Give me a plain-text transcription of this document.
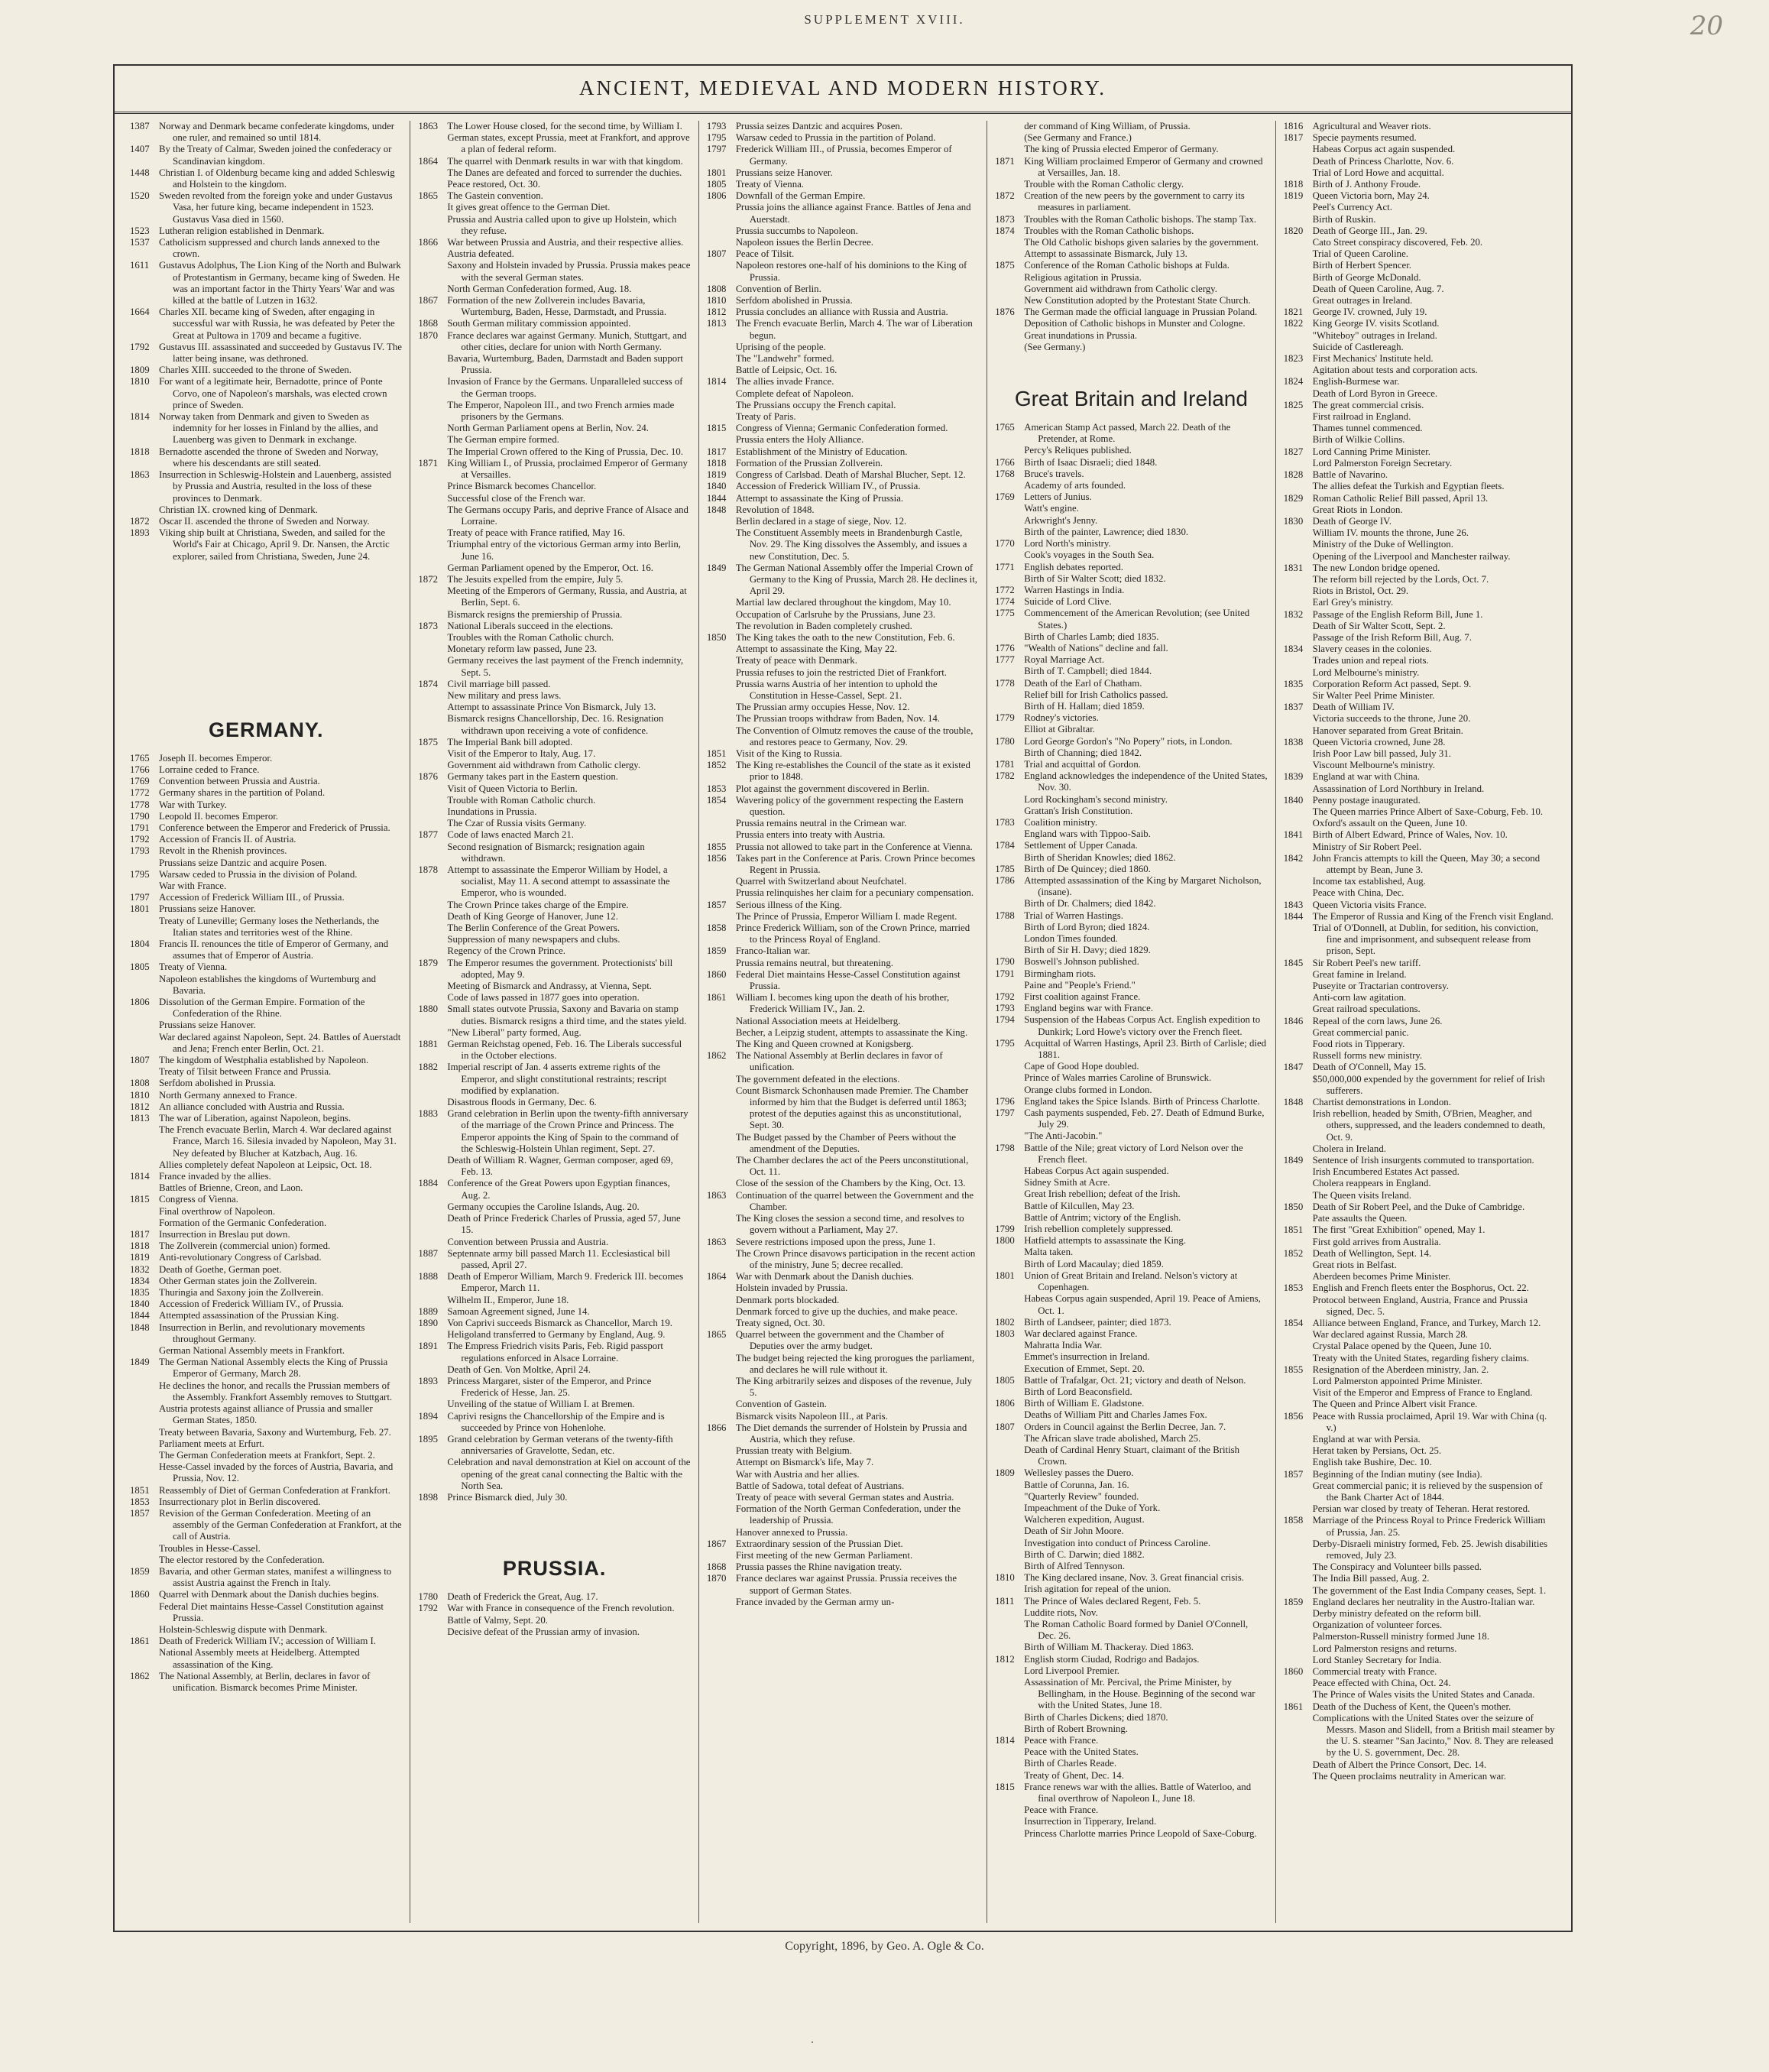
SUPPLEMENT XVIII.	20
ANCIENT, MEDIEVAL AND MODERN HISTORY.
1387 Norway and Denmark became confederate kingdoms, under one ruler, and remained so until 1814.
1407 By the Treaty of Calmar, Sweden joined the confederacy or Scandinavian kingdom.
1448 Christian I. of Oldenburg became king and added Schleswig and Holstein to the kingdom.
1520 Sweden revolted from the foreign yoke and under Gustavus Vasa, her future king, became independent in 1523. Gustavus Vasa died in 1560.
1523 Lutheran religion established in Denmark.
1537 Catholicism suppressed and church lands annexed to the crown.
1611	Gustavus Adolphus, The Lion King of the North and Bulwark of Protestantism in Germany, became king of Sweden. He was an important factor in the Thirty Years' War and was killed at the battle of Lutzen in 1632.
1664 Charles XII. became king of Sweden, after engaging in successful war with Russia, he was defeated by Peter the Great at Pultowa in 1709 and became a fugitive.
1792 Gustavus III. assassinated and succeeded by Gustavus IV. The latter being insane, was dethroned.
1809 Charles XIII. succeeded to the throne of Sweden.
1810 For want of a legitimate heir, Bernadotte, prince of Ponte Corvo, one of Napoleon's marshals, was elected crown prince of Sweden.
1814 Norway taken from Denmark and given to Sweden as indemnity for her losses in Finland by the allies, and Lauenberg was given to Denmark in exchange.
1818 Bernadotte ascended the throne of Sweden and Norway, where his descendants are still seated.
1863 Insurrection in Schleswig-Holstein and Lauenberg, assisted by Prussia and Austria, resulted in the loss of these provinces to Denmark.
Christian IX. crowned king of Denmark.
1872 Oscar II. ascended the throne of Sweden and Norway.
1893 Viking ship built at Christiana, Sweden, and sailed for the World's Fair at Chicago, April 9. Dr. Nansen, the Arctic explorer, sailed from Christiana, Sweden, June 24.
GERMANY.
1765 Joseph II. becomes Emperor.
1766 Lorraine ceded to France.
1769 Convention between Prussia and Austria.
1772 Germany shares in the partition of Poland.
1778 War with Turkey.
1790 Leopold II. becomes Emperor.
1791 Conference between the Emperor and Frederick of Prussia.
1792 Accession of Francis II. of Austria.
1793 Revolt in the Rhenish provinces.
Prussians seize Dantzic and acquire Posen.
1795 Warsaw ceded to Prussia in the division of Poland.
War with France.
1797 Accession of Frederick William III., of Prussia.
1801 Prussians seize Hanover.
Treaty of Luneville; Germany loses the Netherlands, the Italian states and territories west of the Rhine.
1804 Francis II. renounces the title of Emperor of Germany, and assumes that of Emperor of Austria.
1805 Treaty of Vienna.
Napoleon establishes the kingdoms of Wurtemburg and Bavaria.
1806 Dissolution of the German Empire. Formation of the Confederation of the Rhine.
Prussians seize Hanover.
War declared against Napoleon, Sept. 24. Battles of Auerstadt and Jena; French enter Berlin, Oct. 21.
1807 The kingdom of Westphalia established by Napoleon.
Treaty of Tilsit between France and Prussia.
1808 Serfdom abolished in Prussia.
1810 North Germany annexed to France.
1812 An alliance concluded with Austria and Russia.
1813 The war of Liberation, against Napoleon, begins.
The French evacuate Berlin, March 4. War declared against France, March 16. Silesia invaded by Napoleon, May 31. Ney defeated by Blucher at Katzbach, Aug. 16.
Allies completely defeat Napoleon at Leipsic, Oct. 18.
1814 France invaded by the allies.
Battles of Brienne, Creon, and Laon.
1815 Congress of Vienna.
Final overthrow of Napoleon.
Formation of the Germanic Confederation.
1817 Insurrection in Breslau put down.
1818 The Zollverein (commercial union) formed.
1819 Anti-revolutionary Congress of Carlsbad.
1832 Death of Goethe, German poet.
1834 Other German states join the Zollverein.
1835 Thuringia and Saxony join the Zollverein.
1840 Accession of Frederick William IV., of Prussia.
1844 Attempted assassination of the Prussian King.
1848 Insurrection in Berlin, and revolutionary movements throughout Germany.
German National Assembly meets in Frankfort.
1849 The German National Assembly elects the King of Prussia Emperor of Germany, March 28.
He declines the honor, and recalls the Prussian members of the Assembly. Frankfort Assembly removes to Stuttgart.
Austria protests against alliance of Prussia and smaller German States, 1850.
Treaty between Bavaria, Saxony and Wurtemburg, Feb. 27.
Parliament meets at Erfurt.
The German Confederation meets at Frankfort, Sept. 2.
Hesse-Cassel invaded by the forces of Austria, Bavaria, and Prussia, Nov. 12.
1851 Reassembly of Diet of German Confederation at Frankfort.
1853 Insurrectionary plot in Berlin discovered.
1857 Revision of the German Confederation. Meeting of an assembly of the German Confederation at Frankfort, at the call of Austria.
Troubles in Hesse-Cassel.
The elector restored by the Confederation.
1859 Bavaria, and other German states, manifest a willingness to assist Austria against the French in Italy.
1860 Quarrel with Denmark about the Danish duchies begins.
Federal Diet maintains Hesse-Cassel Constitution against Prussia.
Holstein-Schleswig dispute with Denmark.
1861 Death of Frederick William IV.; accession of William I.
National Assembly meets at Heidelberg. Attempted assassination of the King.
1862 The National Assembly, at Berlin, declares in favor of unification. Bismarck becomes Prime Minister.
1863 The Lower House closed, for the second time, by William I.
German states, except Prussia, meet at Frankfort, and approve a plan of federal reform.
1864 The quarrel with Denmark results in war with that kingdom.
The Danes are defeated and forced to surrender the duchies.
Peace restored, Oct. 30.
1865 The Gastein convention.
It gives great offence to the German Diet.
Prussia and Austria called upon to give up Holstein, which they refuse.
1866 War between Prussia and Austria, and their respective allies.
Austria defeated.
Saxony and Holstein invaded by Prussia. Prussia makes peace with the several German states.
North German Confederation formed, Aug. 18.
1867 Formation of the new Zollverein includes Bavaria, Wurtemburg, Baden, Hesse, Darmstadt, and Prussia.
1868 South German military commission appointed.
1870 France declares war against Germany. Munich, Stuttgart, and other cities, declare for union with North Germany.
Bavaria, Wurtemburg, Baden, Darmstadt and Baden support Prussia.
Invasion of France by the Germans. Unparalleled success of the German troops.
The Emperor, Napoleon III., and two French armies made prisoners by the Germans.
North German Parliament opens at Berlin, Nov. 24.
The German empire formed.
The Imperial Crown offered to the King of Prussia, Dec. 10.
1871 King William I., of Prussia, proclaimed Emperor of Germany at Versailles.
Prince Bismarck becomes Chancellor.
Successful close of the French war.
The Germans occupy Paris, and deprive France of Alsace and Lorraine.
Treaty of peace with France ratified, May 16.
Triumphal entry of the victorious German army into Berlin, June 16.
German Parliament opened by the Emperor, Oct. 16.
1872 The Jesuits expelled from the empire, July 5.
Meeting of the Emperors of Germany, Russia, and Austria, at Berlin, Sept. 6.
Bismarck resigns the premiership of Prussia.
1873 National Liberals succeed in the elections.
Troubles with the Roman Catholic church.
Monetary reform law passed, June 23.
Germany receives the last payment of the French indemnity, Sept. 5.
1874 Civil marriage bill passed.
New military and press laws.
Attempt to assassinate Prince Von Bismarck, July 13.
Bismarck resigns Chancellorship, Dec. 16. Resignation withdrawn upon receiving a vote of confidence.
1875 The Imperial Bank bill adopted.
Visit of the Emperor to Italy, Aug. 17.
Government aid withdrawn from Catholic clergy.
1876 Germany takes part in the Eastern question.
Visit of Queen Victoria to Berlin.
Trouble with Roman Catholic church.
Inundations in Prussia.
The Czar of Russia visits Germany.
1877 Code of laws enacted March 21.
Second resignation of Bismarck; resignation again withdrawn.
1878 Attempt to assassinate the Emperor William by Hodel, a socialist, May 11. A second attempt to assassinate the Emperor, who is wounded.
The Crown Prince takes charge of the Empire.
Death of King George of Hanover, June 12.
The Berlin Conference of the Great Powers.
Suppression of many newspapers and clubs.
Regency of the Crown Prince.
1879 The Emperor resumes the government. Protectionists' bill adopted, May 9.
Meeting of Bismarck and Andrassy, at Vienna, Sept.
Code of laws passed in 1877 goes into operation.
1880 Small states outvote Prussia, Saxony and Bavaria on stamp duties. Bismarck resigns a third time, and the states yield.
"New Liberal" party formed, Aug.
1881 German Reichstag opened, Feb. 16. The Liberals successful in the October elections.
1882 Imperial rescript of Jan. 4 asserts extreme rights of the Emperor, and slight constitutional restraints; rescript modified by explanation.
Disastrous floods in Germany, Dec. 6.
1883 Grand celebration in Berlin upon the twenty-fifth anniversary of the marriage of the Crown Prince and Princess. The Emperor appoints the King of Spain to the command of the Schleswig-Holstein Uhlan regiment, Sept. 27.
Death of William R. Wagner, German composer, aged 69, Feb. 13.
1884 Conference of the Great Powers upon Egyptian finances, Aug. 2.
Germany occupies the Caroline Islands, Aug. 20.
Death of Prince Frederick Charles of Prussia, aged 57, June 15.
Convention between Prussia and Austria.
1887 Septennate army bill passed March 11. Ecclesiastical bill passed, April 27.
1888 Death of Emperor William, March 9. Frederick III. becomes Emperor, March 11.
Wilhelm II., Emperor, June 18.
1889 Samoan Agreement signed, June 14.
1890 Von Caprivi succeeds Bismarck as Chancellor, March 19.
Heligoland transferred to Germany by England, Aug. 9.
1891 The Empress Friedrich visits Paris, Feb. Rigid passport regulations enforced in Alsace Lorraine.
Death of Gen. Von Moltke, April 24.
1893 Princess Margaret, sister of the Emperor, and Prince Frederick of Hesse, Jan. 25.
Unveiling of the statue of William I. at Bremen.
1894 Caprivi resigns the Chancellorship of the Empire and is succeeded by Prince von Hohenlohe.
1895 Grand celebration by German veterans of the twenty-fifth anniversaries of Gravelotte, Sedan, etc.
Celebration and naval demonstration at Kiel on account of the opening of the great canal connecting the Baltic with the North Sea.
1898 Prince Bismarck died, July 30.
PRUSSIA.
1780 Death of Frederick the Great, Aug. 17.
1792 War with France in consequence of the French revolution.
Battle of Valmy, Sept. 20.
Decisive defeat of the Prussian army of invasion.
1793 Prussia seizes Dantzic and acquires Posen.
1795 Warsaw ceded to Prussia in the partition of Poland.
1797 Frederick William III., of Prussia, becomes Emperor of Germany.
1801 Prussians seize Hanover.
1805 Treaty of Vienna.
1806 Downfall of the German Empire.
Prussia joins the alliance against France. Battles of Jena and Auerstadt.
Prussia succumbs to Napoleon.
Napoleon issues the Berlin Decree.
1807 Peace of Tilsit.
Napoleon restores one-half of his dominions to the King of Prussia.
1808 Convention of Berlin.
1810 Serfdom abolished in Prussia.
1812 Prussia concludes an alliance with Russia and Austria.
1813 The French evacuate Berlin, March 4. The war of Liberation begun.
Uprising of the people.
The "Landwehr" formed.
Battle of Leipsic, Oct. 16.
1814 The allies invade France.
Complete defeat of Napoleon.
The Prussians occupy the French capital.
Treaty of Paris.
1815 Congress of Vienna; Germanic Confederation formed.
Prussia enters the Holy Alliance.
1817 Establishment of the Ministry of Education.
1818 Formation of the Prussian Zollverein.
1819 Congress of Carlsbad. Death of Marshal Blucher, Sept. 12.
1840 Accession of Frederick William IV., of Prussia.
1844 Attempt to assassinate the King of Prussia.
1848 Revolution of 1848.
Berlin declared in a stage of siege, Nov. 12.
The Constituent Assembly meets in Brandenburgh Castle, Nov. 29. The King dissolves the Assembly, and issues a new Constitution, Dec. 5.
1849 The German National Assembly offer the Imperial Crown of Germany to the King of Prussia, March 28. He declines it, April 29.
Martial law declared throughout the kingdom, May 10.
Occupation of Carlsruhe by the Prussians, June 23.
The revolution in Baden completely crushed.
1850 The King takes the oath to the new Constitution, Feb. 6.
Attempt to assassinate the King, May 22.
Treaty of peace with Denmark.
Prussia refuses to join the restricted Diet of Frankfort.
Prussia warns Austria of her intention to uphold the Constitution in Hesse-Cassel, Sept. 21.
The Prussian army occupies Hesse, Nov. 12.
The Prussian troops withdraw from Baden, Nov. 14.
The Convention of Olmutz removes the cause of the trouble, and restores peace to Germany, Nov. 29.
1851 Visit of the King to Russia.
1852 The King re-establishes the Council of the state as it existed prior to 1848.
1853 Plot against the government discovered in Berlin.
1854 Wavering policy of the government respecting the Eastern question.
Prussia remains neutral in the Crimean war.
Prussia enters into treaty with Austria.
1855 Prussia not allowed to take part in the Conference at Vienna.
1856 Takes part in the Conference at Paris. Crown Prince becomes Regent in Prussia.
Quarrel with Switzerland about Neufchatel.
Prussia relinquishes her claim for a pecuniary compensation.
1857 Serious illness of the King.
The Prince of Prussia, Emperor William I. made Regent.
1858 Prince Frederick William, son of the Crown Prince, married to the Princess Royal of England.
1859 Franco-Italian war.
Prussia remains neutral, but threatening.
1860 Federal Diet maintains Hesse-Cassel Constitution against Prussia.
1861 William I. becomes king upon the death of his brother, Frederick William IV., Jan. 2.
National Association meets at Heidelberg.
Becher, a Leipzig student, attempts to assassinate the King.
The King and Queen crowned at Konigsberg.
1862 The National Assembly at Berlin declares in favor of unification.
The government defeated in the elections.
Count Bismarck Schonhausen made Premier. The Chamber informed by him that the Budget is deferred until 1863; protest of the deputies against this as unconstitutional, Sept. 30.
The Budget passed by the Chamber of Peers without the amendment of the Deputies.
The Chamber declares the act of the Peers unconstitutional, Oct. 11.
Close of the session of the Chambers by the King, Oct. 13.
1863 Continuation of the quarrel between the Government and the Chamber.
The King closes the session a second time, and resolves to govern without a Parliament, May 27.
1863 Severe restrictions imposed upon the press, June 1.
The Crown Prince disavows participation in the recent action of the ministry, June 5; decree recalled.
1864 War with Denmark about the Danish duchies.
Holstein invaded by Prussia.
Denmark ports blockaded.
Denmark forced to give up the duchies, and make peace.
Treaty signed, Oct. 30.
1865 Quarrel between the government and the Chamber of Deputies over the army budget.
The budget being rejected the king prorogues the parliament, and declares he will rule without it.
The King arbitrarily seizes and disposes of the revenue, July 5.
Convention of Gastein.
Bismarck visits Napoleon III., at Paris.
1866 The Diet demands the surrender of Holstein by Prussia and Austria, which they refuse.
Prussian treaty with Belgium.
Attempt on Bismarck's life, May 7.
War with Austria and her allies.
Battle of Sadowa, total defeat of Austrians.
Treaty of peace with several German states and Austria.
Formation of the North German Confederation, under the leadership of Prussia.
Hanover annexed to Prussia.
1867 Extraordinary session of the Prussian Diet.
First meeting of the new German Parliament.
1868 Prussia passes the Rhine navigation treaty.
1870 France declares war against Prussia. Prussia receives the support of German States.
France invaded by the German army un-
der command of King William, of Prussia.
(See Germany and France.)
The king of Prussia elected Emperor of Germany.
1871 King William proclaimed Emperor of Germany and crowned at Versailles, Jan. 18.
Trouble with the Roman Catholic clergy.
1872 Creation of the new peers by the government to carry its measures in parliament.
1873 Troubles with the Roman Catholic bishops. The stamp Tax.
1874 Troubles with the Roman Catholic bishops.
The Old Catholic bishops given salaries by the government.
Attempt to assassinate Bismarck, July 13.
1875 Conference of the Roman Catholic bishops at Fulda.
Religious agitation in Prussia.
Government aid withdrawn from Catholic clergy.
New Constitution adopted by the Protestant State Church.
1876 The German made the official language in Prussian Poland.
Deposition of Catholic bishops in Munster and Cologne.
Great inundations in Prussia.
(See Germany.)
Great Britain and Ireland
1765 American Stamp Act passed, March 22. Death of the Pretender, at Rome.
Percy's Reliques published.
1766 Birth of Isaac Disraeli; died 1848.
1768 Bruce's travels.
Academy of arts founded.
1769 Letters of Junius.
Watt's engine.
Arkwright's Jenny.
Birth of the painter, Lawrence; died 1830.
1770 Lord North's ministry.
Cook's voyages in the South Sea.
1771 English debates reported.
Birth of Sir Walter Scott; died 1832.
1772 Warren Hastings in India.
1774 Suicide of Lord Clive.
1775 Commencement of the American Revolution; (see United States.)
Birth of Charles Lamb; died 1835.
1776 "Wealth of Nations" decline and fall.
1777 Royal Marriage Act.
Birth of T. Campbell; died 1844.
1778 Death of the Earl of Chatham.
Relief bill for Irish Catholics passed.
Birth of H. Hallam; died 1859.
1779 Rodney's victories.
Elliot at Gibraltar.
1780 Lord George Gordon's "No Popery" riots, in London.
Birth of Channing; died 1842.
1781 Trial and acquittal of Gordon.
1782 England acknowledges the independence of the United States, Nov. 30.
Lord Rockingham's second ministry.
Grattan's Irish Constitution.
1783 Coalition ministry.
England wars with Tippoo-Saib.
1784 Settlement of Upper Canada.
Birth of Sheridan Knowles; died 1862.
1785 Birth of De Quincey; died 1860.
1786 Attempted assassination of the King by Margaret Nicholson, (insane).
Birth of Dr. Chalmers; died 1842.
1788 Trial of Warren Hastings.
Birth of Lord Byron; died 1824.
London Times founded.
Birth of Sir H. Davy; died 1829.
1790 Boswell's Johnson published.
1791 Birmingham riots.
Paine and "People's Friend."
1792 First coalition against France.
1793 England begins war with France.
1794 Suspension of the Habeas Corpus Act. English expedition to Dunkirk; Lord Howe's victory over the French fleet.
1795 Acquittal of Warren Hastings, April 23. Birth of Carlisle; died 1881.
Cape of Good Hope doubled.
Prince of Wales marries Caroline of Brunswick.
Orange clubs formed in London.
1796 England takes the Spice Islands. Birth of Princess Charlotte.
1797 Cash payments suspended, Feb. 27. Death of Edmund Burke, July 29.
"The Anti-Jacobin."
1798 Battle of the Nile; great victory of Lord Nelson over the French fleet.
Habeas Corpus Act again suspended.
Sidney Smith at Acre.
Great Irish rebellion; defeat of the Irish.
Battle of Kilcullen, May 23.
Battle of Antrim; victory of the English.
1799 Irish rebellion completely suppressed.
1800 Hatfield attempts to assassinate the King.
Malta taken.
Birth of Lord Macaulay; died 1859.
1801 Union of Great Britain and Ireland. Nelson's victory at Copenhagen.
Habeas Corpus again suspended, April 19. Peace of Amiens, Oct. 1.
1802 Birth of Landseer, painter; died 1873.
1803 War declared against France.
Mahratta India War.
Emmet's insurrection in Ireland.
Execution of Emmet, Sept. 20.
1805 Battle of Trafalgar, Oct. 21; victory and death of Nelson.
Birth of Lord Beaconsfield.
1806 Birth of William E. Gladstone.
Deaths of William Pitt and Charles James Fox.
1807 Orders in Council against the Berlin Decree, Jan. 7.
The African slave trade abolished, March 25.
Death of Cardinal Henry Stuart, claimant of the British Crown.
1809 Wellesley passes the Duero.
Battle of Corunna, Jan. 16.
"Quarterly Review" founded.
Impeachment of the Duke of York.
Walcheren expedition, August.
Death of Sir John Moore.
Investigation into conduct of Princess Caroline.
Birth of C. Darwin; died 1882.
Birth of Alfred Tennyson.
1810 The King declared insane, Nov. 3. Great financial crisis.
Irish agitation for repeal of the union.
1811	The Prince of Wales declared Regent, Feb. 5.
Luddite riots, Nov.
The Roman Catholic Board formed by Daniel O'Connell, Dec. 26.
Birth of William M. Thackeray. Died 1863.
1812 English storm Ciudad, Rodrigo and Badajos.
Lord Liverpool Premier.
Assassination of Mr. Percival, the Prime Minister, by Bellingham, in the House. Beginning of the second war with the United States, June 18.
Birth of Charles Dickens; died 1870.
Birth of Robert Browning.
1814 Peace with France.
Peace with the United States.
Birth of Charles Reade.
Treaty of Ghent, Dec. 14.
1815 France renews war with the allies. Battle of Waterloo, and final overthrow of Napoleon I., June 18.
Peace with France.
Insurrection in Tipperary, Ireland.
Princess Charlotte marries Prince Leopold of Saxe-Coburg.
1816 Agricultural and Weaver riots.
1817 Specie payments resumed.
Habeas Corpus act again suspended.
Death of Princess Charlotte, Nov. 6.
Trial of Lord Howe and acquittal.
1818 Birth of J. Anthony Froude.
1819 Queen Victoria born, May 24.
Peel's Currency Act.
Birth of Ruskin.
1820 Death of George III., Jan. 29.
Cato Street conspiracy discovered, Feb. 20.
Trial of Queen Caroline.
Birth of Herbert Spencer.
Birth of George McDonald.
Death of Queen Caroline, Aug. 7.
Great outrages in Ireland.
1821 George IV. crowned, July 19.
1822 King George IV. visits Scotland.
"Whiteboy" outrages in Ireland.
Suicide of Castlereagh.
1823 First Mechanics' Institute held.
Agitation about tests and corporation acts.
1824 English-Burmese war.
Death of Lord Byron in Greece.
1825 The great commercial crisis.
First railroad in England.
Thames tunnel commenced.
Birth of Wilkie Collins.
1827 Lord Canning Prime Minister.
Lord Palmerston Foreign Secretary.
1828 Battle of Navarino.
The allies defeat the Turkish and Egyptian fleets.
1829 Roman Catholic Relief Bill passed, April 13.
Great Riots in London.
1830 Death of George IV.
William IV. mounts the throne, June 26.
Ministry of the Duke of Wellington.
Opening of the Liverpool and Manchester railway.
1831 The new London bridge opened.
The reform bill rejected by the Lords, Oct. 7.
Riots in Bristol, Oct. 29.
Earl Grey's ministry.
1832 Passage of the English Reform Bill, June 1.
Death of Sir Walter Scott, Sept. 2.
Passage of the Irish Reform Bill, Aug. 7.
1834 Slavery ceases in the colonies.
Trades union and repeal riots.
Lord Melbourne's ministry.
1835 Corporation Reform Act passed, Sept. 9.
Sir Walter Peel Prime Minister.
1837 Death of William IV.
Victoria succeeds to the throne, June 20.
Hanover separated from Great Britain.
1838 Queen Victoria crowned, June 28.
Irish Poor Law bill passed, July 31.
Viscount Melbourne's ministry.
1839 England at war with China.
Assassination of Lord Northbury in Ireland.
1840 Penny postage inaugurated.
The Queen marries Prince Albert of Saxe-Coburg, Feb. 10.
Oxford's assault on the Queen, June 10.
1841 Birth of Albert Edward, Prince of Wales, Nov. 10.
Ministry of Sir Robert Peel.
1842 John Francis attempts to kill the Queen, May 30; a second attempt by Bean, June 3.
Income tax established, Aug.
Peace with China, Dec.
1843 Queen Victoria visits France.
1844 The Emperor of Russia and King of the French visit England.
Trial of O'Donnell, at Dublin, for sedition, his conviction, fine and imprisonment, and subsequent release from prison, Sept.
1845 Sir Robert Peel's new tariff.
Great famine in Ireland.
Puseyite or Tractarian controversy.
Anti-corn law agitation.
Great railroad speculations.
1846 Repeal of the corn laws, June 26.
Great commercial panic.
Food riots in Tipperary.
Russell forms new ministry.
1847 Death of O'Connell, May 15.
$50,000,000 expended by the government for relief of Irish sufferers.
1848 Chartist demonstrations in London.
Irish rebellion, headed by Smith, O'Brien, Meagher, and others, suppressed, and the leaders condemned to death, Oct. 9.
Cholera in Ireland.
1849 Sentence of Irish insurgents commuted to transportation.
Irish Encumbered Estates Act passed.
Cholera reappears in England.
The Queen visits Ireland.
1850 Death of Sir Robert Peel, and the Duke of Cambridge.
Pate assaults the Queen.
1851 The first "Great Exhibition" opened, May 1.
First gold arrives from Australia.
1852 Death of Wellington, Sept. 14.
Great riots in Belfast.
Aberdeen becomes Prime Minister.
1853 English and French fleets enter the Bosphorus, Oct. 22.
Protocol between England, Austria, France and Prussia signed, Dec. 5.
1854 Alliance between England, France, and Turkey, March 12.
War declared against Russia, March 28.
Crystal Palace opened by the Queen, June 10.
Treaty with the United States, regarding fishery claims.
1855 Resignation of the Aberdeen ministry, Jan. 2.
Lord Palmerston appointed Prime Minister.
Visit of the Emperor and Empress of France to England.
The Queen and Prince Albert visit France.
1856 Peace with Russia proclaimed, April 19. War with China (q. v.)
England at war with Persia.
Herat taken by Persians, Oct. 25.
English take Bushire, Dec. 10.
1857 Beginning of the Indian mutiny (see India).
Great commercial panic; it is relieved by the suspension of the Bank Charter Act of 1844.
Persian war closed by treaty of Teheran. Herat restored.
1858 Marriage of the Princess Royal to Prince Frederick William of Prussia, Jan. 25.
Derby-Disraeli ministry formed, Feb. 25. Jewish disabilities removed, July 23.
The Conspiracy and Volunteer bills passed.
The India Bill passed, Aug. 2.
The government of the East India Company ceases, Sept. 1.
1859 England declares her neutrality in the Austro-Italian war.
Derby ministry defeated on the reform bill.
Organization of volunteer forces.
Palmerston-Russell ministry formed June 18.
Lord Palmerston resigns and returns.
Lord Stanley Secretary for India.
1860 Commercial treaty with France.
Peace effected with China, Oct. 24.
The Prince of Wales visits the United States and Canada.
1861 Death of the Duchess of Kent, the Queen's mother.
Complications with the United States over the seizure of Messrs. Mason and Slidell, from a British mail steamer by the U. S. steamer "San Jacinto," Nov. 8. They are released by the U. S. government, Dec. 28.
Death of Albert the Prince Consort, Dec. 14.
The Queen proclaims neutrality in American war.
Copyright, 1896, by Geo. A. Ogle & Co.
·
